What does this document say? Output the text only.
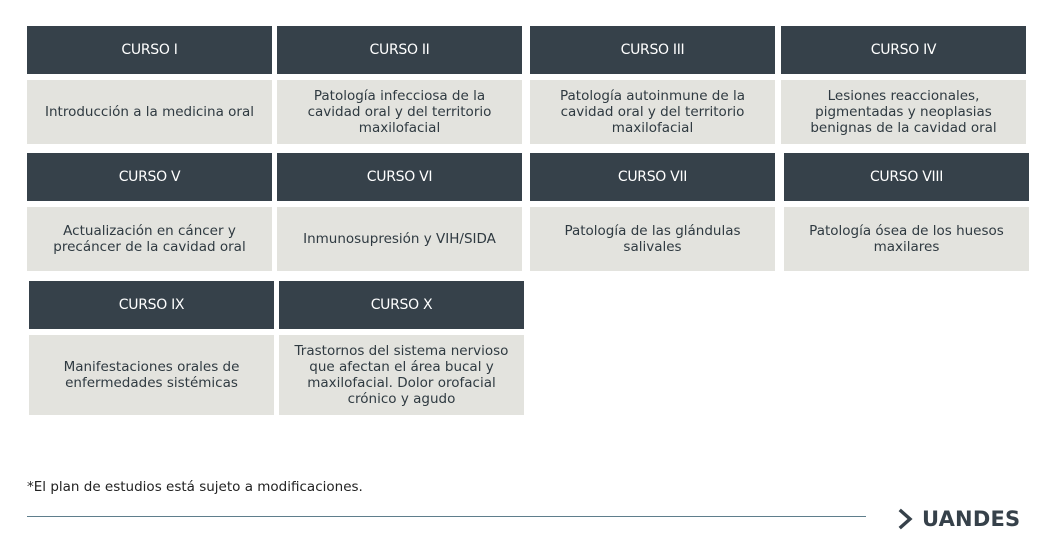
CURSO I
Introducción a la medicina oral
CURSO II
Patología infecciosa de la cavidad oral y del territorio maxilofacial
CURSO III
Patología autoinmune de la cavidad oral y del territorio maxilofacial
CURSO IV
Lesiones reaccionales, pigmentadas y neoplasias benignas de la cavidad oral
CURSO V
Actualización en cáncer y precáncer de la cavidad oral
CURSO VI
Inmunosupresión y VIH/SIDA
CURSO VII
Patología de las glándulas salivales
CURSO VIII
Patología ósea de los huesos maxilares
CURSO IX
Manifestaciones orales de enfermedades sistémicas
CURSO X
Trastornos del sistema nervioso que afectan el área bucal y maxilofacial. Dolor orofacial crónico y agudo
*El plan de estudios está sujeto a modificaciones.
UANDES
